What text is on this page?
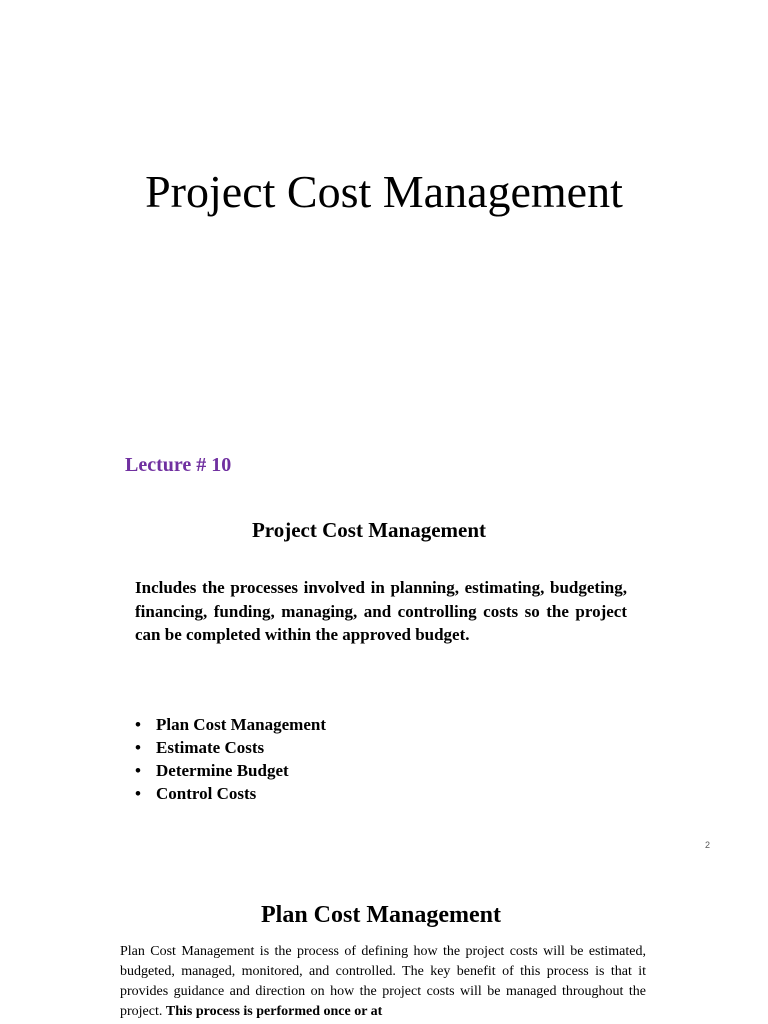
Project Cost Management
Lecture # 10
Project Cost Management
Includes the processes involved in planning, estimating, budgeting, financing, funding, managing, and controlling costs so the project can be completed within the approved budget.
• Plan Cost Management
• Estimate Costs
• Determine Budget
• Control Costs
2
Plan Cost Management
Plan Cost Management is the process of defining how the project costs will be estimated, budgeted, managed, monitored, and controlled. The key benefit of this process is that it provides guidance and direction on how the project costs will be managed throughout the project. This process is performed once or at
